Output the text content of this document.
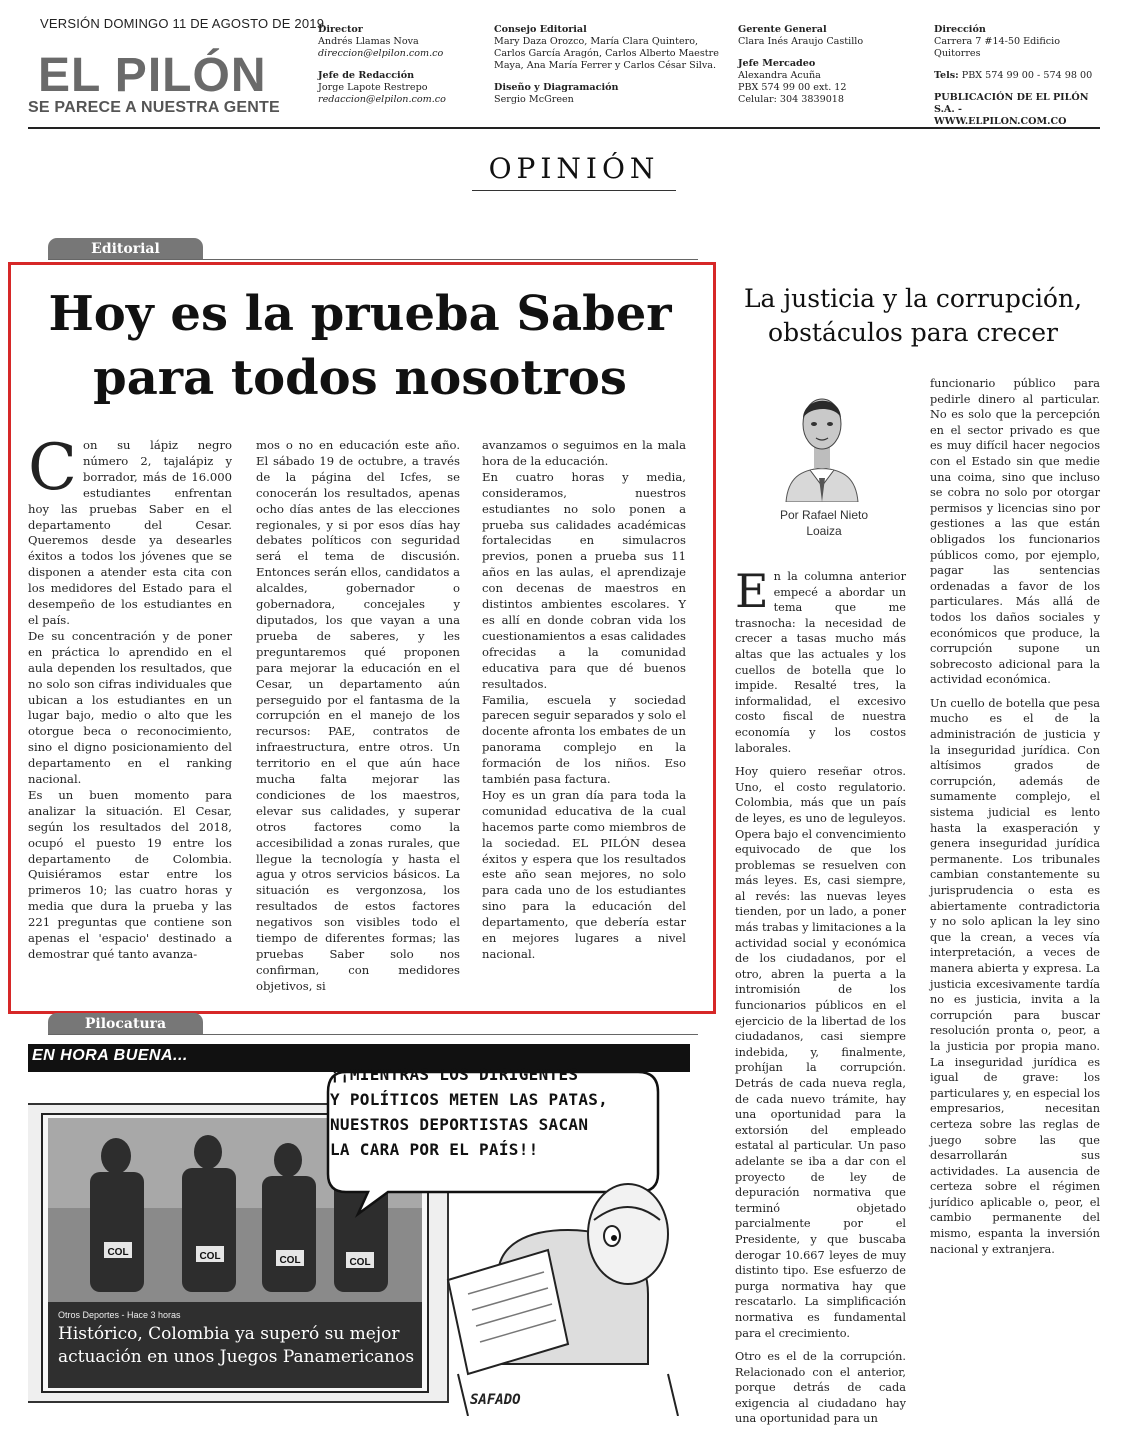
VERSIÓN DOMINGO 11 DE AGOSTO DE 2019
EL PILÓN
SE PARECE A NUESTRA GENTE
Director
Andrés Llamas Nova
direccion@elpilon.com.co
Jefe de Redacción
Jorge Lapote Restrepo
redaccion@elpilon.com.co
Consejo Editorial
Mary Daza Orozco, María Clara Quintero,
Carlos García Aragón, Carlos Alberto Maestre
Maya, Ana María Ferrer y Carlos César Silva.
Diseño y Diagramación
Sergio McGreen
Gerente General
Clara Inés Araujo Castillo
Jefe Mercadeo
Alexandra Acuña
PBX 574 99 00 ext. 12
Celular: 304 3839018
Dirección
Carrera 7 #14-50 Edificio Quitorres
Tels: PBX 574 99 00 - 574 98 00
PUBLICACIÓN DE EL PILÓN S.A. -
WWW.ELPILON.COM.CO
OPINIÓN
Editorial
Hoy es la prueba Saber
para todos nosotros

Con su lápiz negro número 2, tajalápiz y borrador, más de 16.000 estudiantes enfrentan hoy las pruebas Saber en el departamento del Cesar. Queremos desde ya desearles éxitos a todos los jóvenes que se disponen a atender esta cita con los medidores del Estado para el desempeño de los estudiantes en el país.

De su concentración y de poner en práctica lo aprendido en el aula dependen los resultados, que no solo son cifras individuales que ubican a los estudiantes en un lugar bajo, medio o alto que les otorgue beca o reconocimiento, sino el digno posicionamiento del departamento en el ranking nacional.

Es un buen momento para analizar la situación. El Cesar, según los resultados del 2018, ocupó el puesto 19 entre los departamento de Colombia. Quisiéramos estar entre los primeros 10; las cuatro horas y media que dura la prueba y las 221 preguntas que contiene son apenas el 'espacio' destinado a demostrar qué tanto avanza-

mos o no en educación este año. El sábado 19 de octubre, a través de la página del Icfes, se conocerán los resultados, apenas ocho días antes de las elecciones regionales, y si por esos días hay debates políticos con seguridad será el tema de discusión. Entonces serán ellos, candidatos a alcaldes, gobernador o gobernadora, concejales y diputados, los que vayan a una prueba de saberes, y les preguntaremos qué proponen para mejorar la educación en el Cesar, un departamento aún perseguido por el fantasma de la corrupción en el manejo de los recursos: PAE, contratos de infraestructura, entre otros. Un territorio en el que aún hace mucha falta mejorar las condiciones de los maestros, elevar sus calidades, y superar otros factores como la accesibilidad a zonas rurales, que llegue la tecnología y hasta el agua y otros servicios básicos. La situación es vergonzosa, los resultados de estos factores negativos son visibles todo el tiempo de diferentes formas; las pruebas Saber solo nos confirman, con medidores objetivos, si

avanzamos o seguimos en la mala hora de la educación.

En cuatro horas y media, consideramos, nuestros estudiantes no solo ponen a prueba sus calidades académicas fortalecidas en simulacros previos, ponen a prueba sus 11 años en las aulas, el aprendizaje con decenas de maestros en distintos ambientes escolares. Y es allí en donde cobran vida los cuestionamientos a esas calidades ofrecidas a la comunidad educativa para que dé buenos resultados.

Familia, escuela y sociedad parecen seguir separados y solo el docente afronta los embates de un panorama complejo en la formación de los niños. Eso también pasa factura.

Hoy es un gran día para toda la comunidad educativa de la cual hacemos parte como miembros de la sociedad. EL PILÓN desea éxitos y espera que los resultados este año sean mejores, no solo para cada uno de los estudiantes sino para la educación del departamento, que debería estar en mejores lugares a nivel nacional.

La justicia y la corrupción,
obstáculos para crecer
Por Rafael Nieto
Loaiza

En la columna anterior empecé a abordar un tema que me trasnocha: la necesidad de crecer a tasas mucho más altas que las actuales y los cuellos de botella que lo impide. Resalté tres, la informalidad, el excesivo costo fiscal de nuestra economía y los costos laborales.

Hoy quiero reseñar otros. Uno, el costo regulatorio. Colombia, más que un país de leyes, es uno de leguleyos. Opera bajo el convencimiento equivocado de que los problemas se resuelven con más leyes. Es, casi siempre, al revés: las nuevas leyes tienden, por un lado, a poner más trabas y limitaciones a la actividad social y económica de los ciudadanos, por el otro, abren la puerta a la intromisión de los funcionarios públicos en el ejercicio de la libertad de los ciudadanos, casi siempre indebida, y, finalmente, prohíjan la corrupción. Detrás de cada nueva regla, de cada nuevo trámite, hay una oportunidad para la extorsión del empleado estatal al particular. Un paso adelante se iba a dar con el proyecto de ley de depuración normativa que terminó objetado parcialmente por el Presidente, y que buscaba derogar 10.667 leyes de muy distinto tipo. Ese esfuerzo de purga normativa hay que rescatarlo. La simplificación normativa es fundamental para el crecimiento.

Otro es el de la corrupción. Relacionado con el anterior, porque detrás de cada exigencia al ciudadano hay una oportunidad para un

funcionario público para pedirle dinero al particular. No es solo que la percepción en el sector privado es que es muy difícil hacer negocios con el Estado sin que medie una coima, sino que incluso se cobra no solo por otorgar permisos y licencias sino por gestiones a las que están obligados los funcionarios públicos como, por ejemplo, pagar las sentencias ordenadas a favor de los particulares. Más allá de todos los daños sociales y económicos que produce, la corrupción supone un sobrecosto adicional para la actividad económica.

Un cuello de botella que pesa mucho es el de la administración de justicia y la inseguridad jurídica. Con altísimos grados de corrupción, además de sumamente complejo, el sistema judicial es lento hasta la exasperación y genera inseguridad jurídica permanente. Los tribunales cambian constantemente su jurisprudencia o esta es abiertamente contradictoria y no solo aplican la ley sino que la crean, a veces vía interpretación, a veces de manera abierta y expresa. La justicia excesivamente tardía no es justicia, invita a la corrupción para buscar resolución pronta o, peor, a la justicia por propia mano. La inseguridad jurídica es igual de grave: los particulares y, en especial los empresarios, necesitan certeza sobre las reglas de juego sobre las que desarrollarán sus actividades. La ausencia de certeza sobre el régimen jurídico aplicable o, peor, el cambio permanente del mismo, espanta la inversión nacional y extranjera.

Pilocatura
EN HORA BUENA...
COL	COL	COL	COL
¡¡MIENTRAS LOS DIRIGENTES
Y POLÍTICOS METEN LAS PATAS,
NUESTROS DEPORTISTAS SACAN
LA CARA POR EL PAÍS!!
Otros Deportes - Hace 3 horas
Histórico, Colombia ya superó su mejor actuación en unos Juegos Panamericanos
SAFADO
